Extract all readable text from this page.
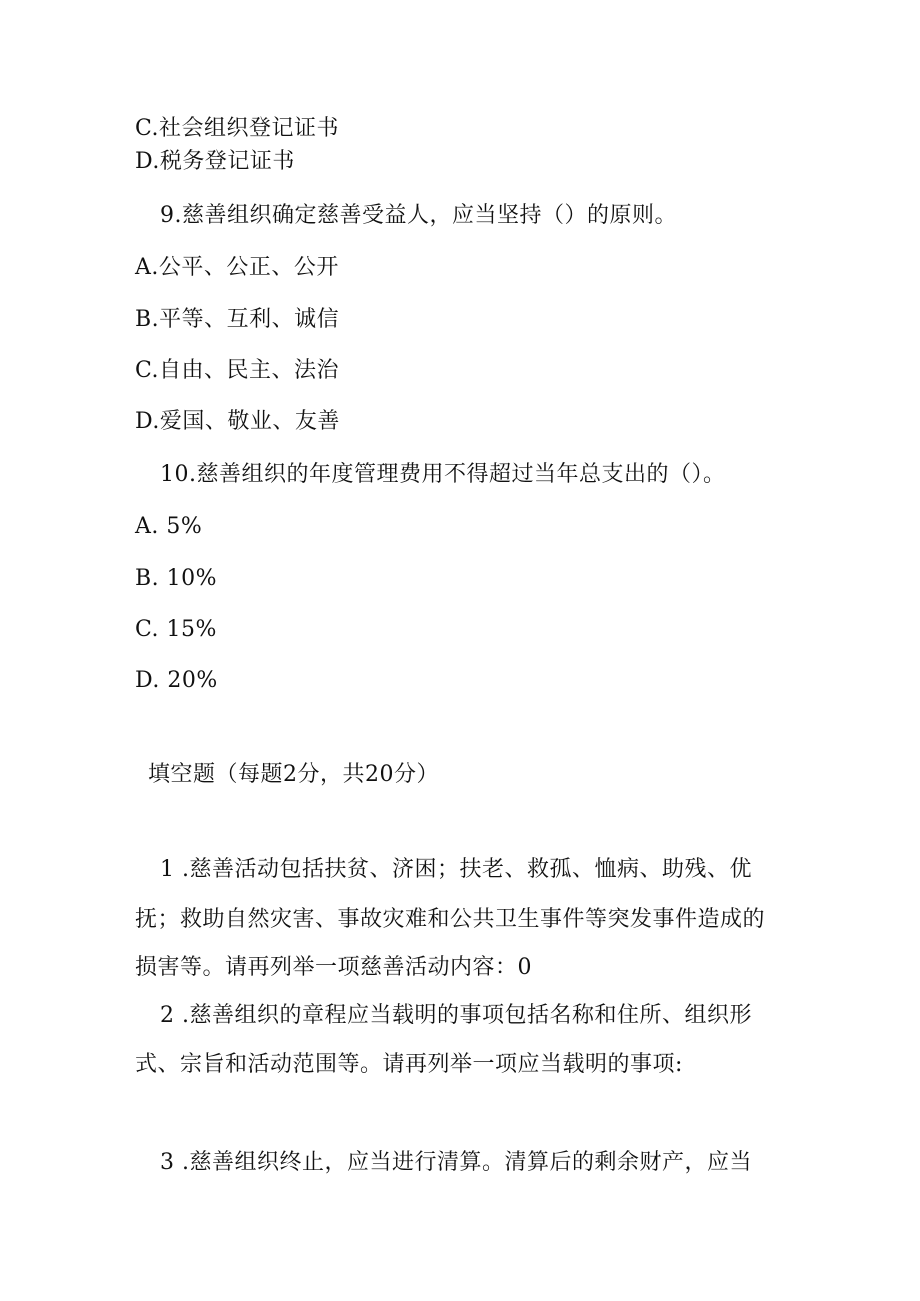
C.社会组织登记证书
D.税务登记证书
9.慈善组织确定慈善受益人，应当坚持（）的原则。
A.公平、公正、公开
B.平等、互利、诚信
C.自由、民主、法治
D.爱国、敬业、友善
10.慈善组织的年度管理费用不得超过当年总支出的（）。
A. 5%
B. 10%
C. 15%
D. 20%
填空题（每题2分，共20分）
1 .慈善活动包括扶贫、济困；扶老、救孤、恤病、助残、优
抚；救助自然灾害、事故灾难和公共卫生事件等突发事件造成的
损害等。请再列举一项慈善活动内容：0
2 .慈善组织的章程应当载明的事项包括名称和住所、组织形
式、宗旨和活动范围等。请再列举一项应当载明的事项:
3 .慈善组织终止，应当进行清算。清算后的剩余财产，应当
